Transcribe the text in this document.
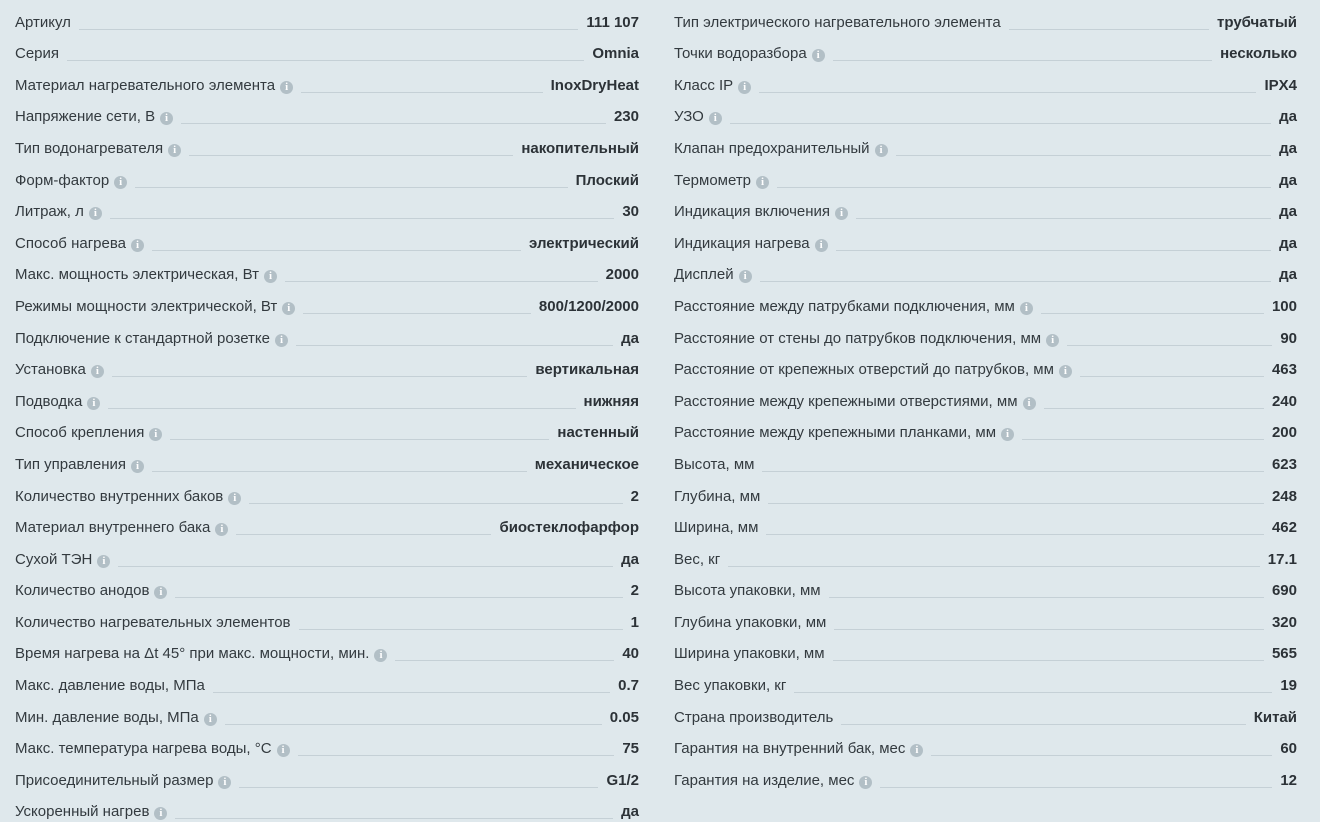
Артикул	111 107
Серия	Omnia
Материал нагревательного элемента i	InoxDryHeat
Напряжение сети, В i	230
Тип водонагревателя i	накопительный
Форм-фактор i	Плоский
Литраж, л i	30
Способ нагрева i	электрический
Макс. мощность электрическая, Вт i	2000
Режимы мощности электрической, Вт i	800/1200/2000
Подключение к стандартной розетке i	да
Установка i	вертикальная
Подводка i	нижняя
Способ крепления i	настенный
Тип управления i	механическое
Количество внутренних баков i	2
Материал внутреннего бака i	биостеклофарфор
Сухой ТЭН i	да
Количество анодов i	2
Количество нагревательных элементов	1
Время нагрева на Δt 45° при макс. мощности, мин. i	40
Макс. давление воды, МПа	0.7
Мин. давление воды, МПа i	0.05
Макс. температура нагрева воды, °С i	75
Присоединительный размер i	G1/2
Ускоренный нагрев i	да
Тип электрического нагревательного элемента	трубчатый
Точки водоразбора i	несколько
Класс IP i	IPX4
УЗО i	да
Клапан предохранительный i	да
Термометр i	да
Индикация включения i	да
Индикация нагрева i	да
Дисплей i	да
Расстояние между патрубками подключения, мм i	100
Расстояние от стены до патрубков подключения, мм i	90
Расстояние от крепежных отверстий до патрубков, мм i	463
Расстояние между крепежными отверстиями, мм i	240
Расстояние между крепежными планками, мм i	200
Высота, мм	623
Глубина, мм	248
Ширина, мм	462
Вес, кг	17.1
Высота упаковки, мм	690
Глубина упаковки, мм	320
Ширина упаковки, мм	565
Вес упаковки, кг	19
Страна производитель	Китай
Гарантия на внутренний бак, мес i	60
Гарантия на изделие, мес i	12
